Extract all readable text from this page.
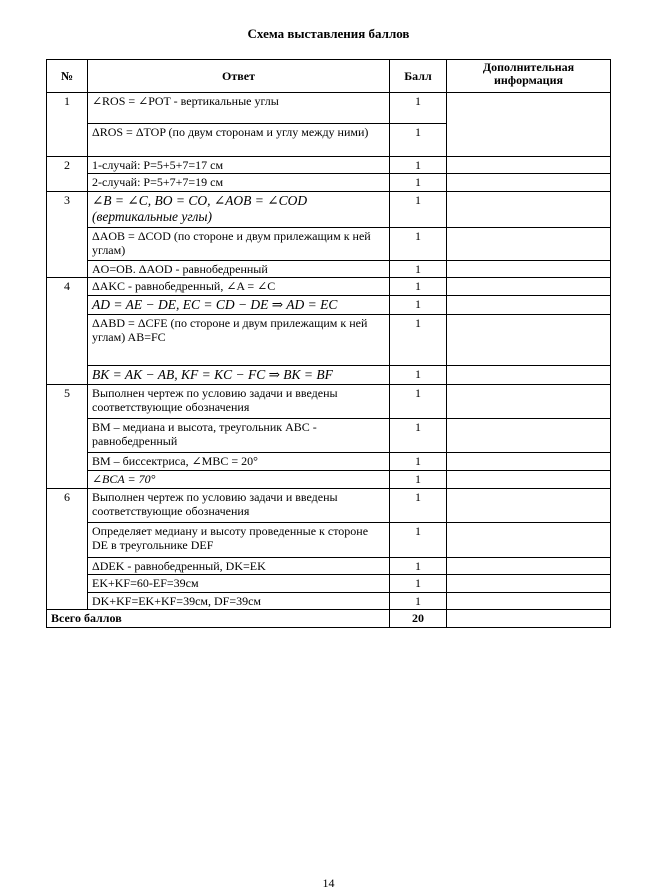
Схема выставления баллов
№	Ответ	Балл	Дополнительная информация
1	∠ROS = ∠POT - вертикальные углы	1	
	ΔROS = ΔTOP (по двум сторонам и углу между ними)	1	
2	1-случай: P=5+5+7=17 см	1	
	2-случай: P=5+7+7=19 см	1	
3	∠B = ∠C, BO = CO, ∠AOB = ∠COD (вертикальные углы)	1	
	ΔAOB = ΔCOD (по стороне и двум прилежащим к ней углам)	1	
	AO=OB. ΔAOD - равнобедренный	1	
4	ΔAKC - равнобедренный, ∠A = ∠C	1	
	AD = AE − DE, EC = CD − DE ⇒ AD = EC	1	
	ΔABD = ΔCFE (по стороне и двум прилежащим к ней углам) AB=FC	1	
	BK = AK − AB, KF = KC − FC ⇒ BK = BF	1	
5	Выполнен чертеж по условию задачи и введены соответствующие обозначения	1	
	BM – медиана и высота, треугольник ABC - равнобедренный	1	
	BM – биссектриса, ∠MBC = 20°	1	
	∠BCA = 70°	1	
6	Выполнен чертеж по условию задачи и введены соответствующие обозначения	1	
	Определяет медиану и высоту проведенные к стороне DE в треугольнике DEF	1	
	ΔDEK - равнобедренный, DK=EK	1	
	EK+KF=60-EF=39см	1	
	DK+KF=EK+KF=39см, DF=39см	1	
Всего баллов		20	
14
